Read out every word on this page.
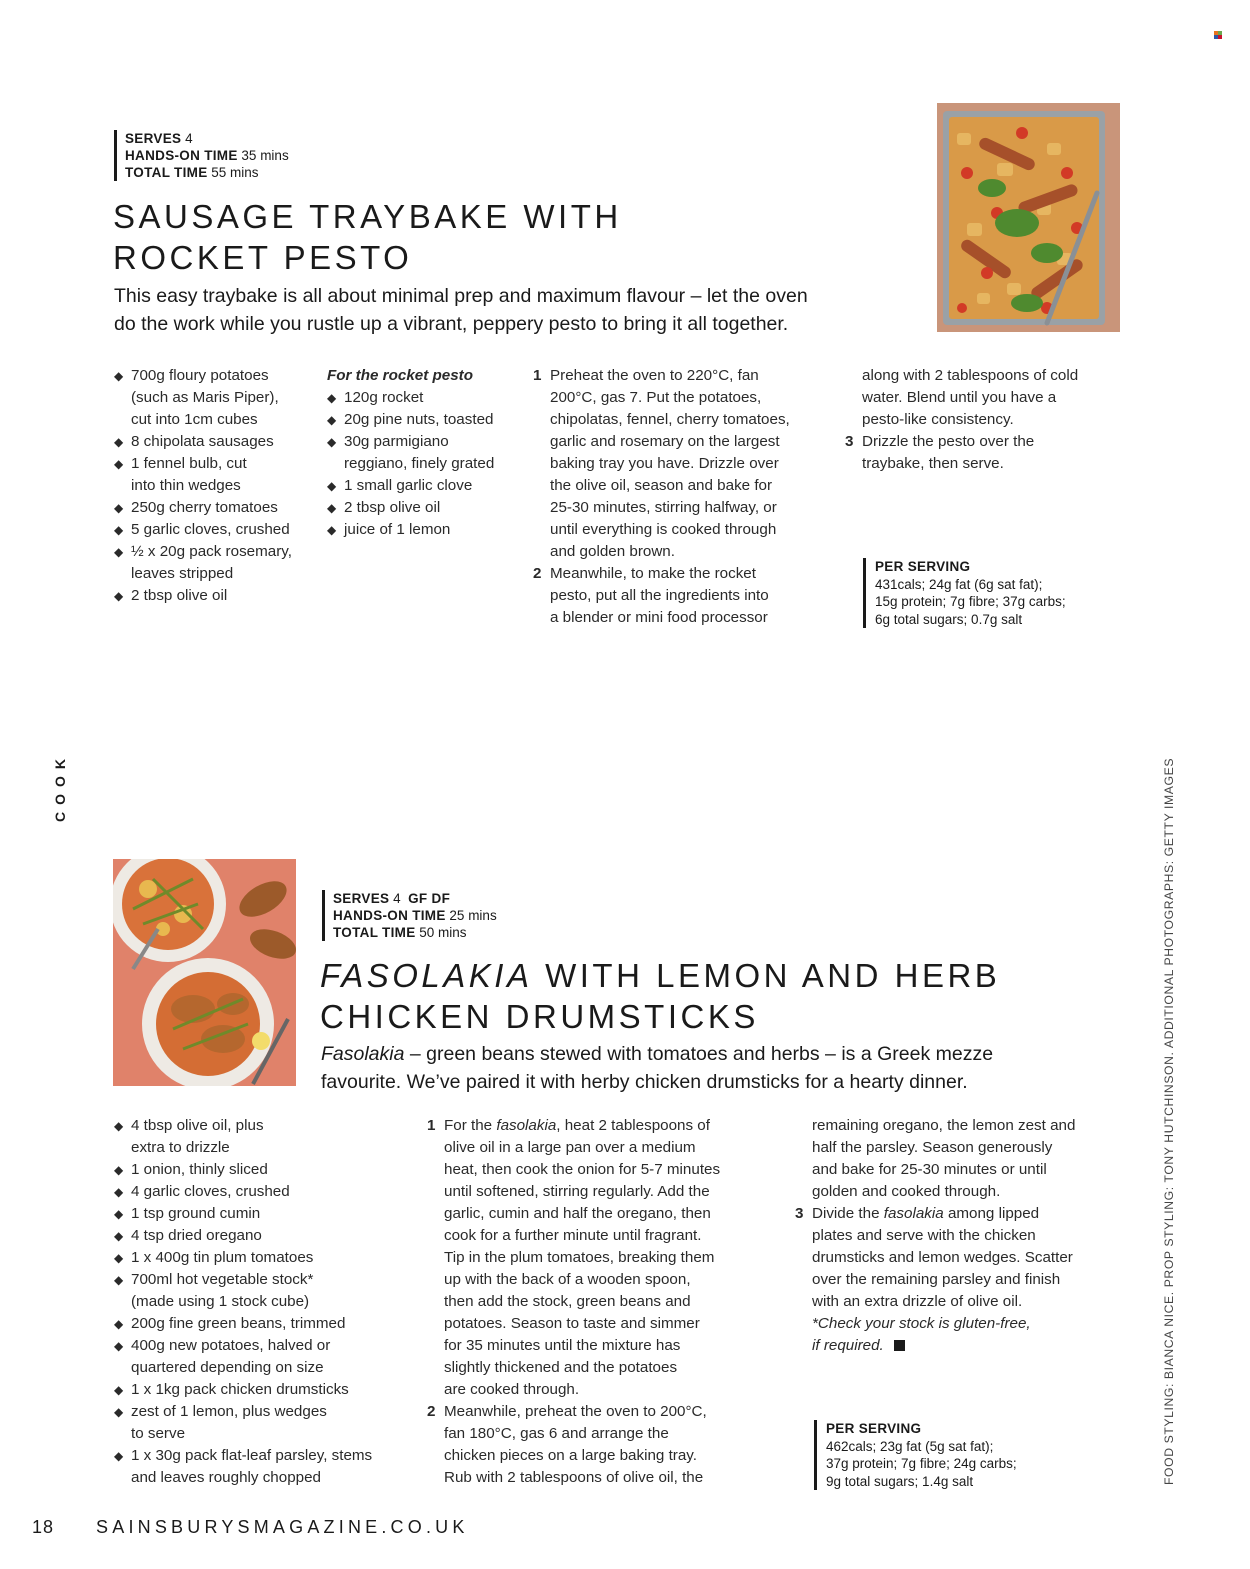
SERVES 4
HANDS-ON TIME 35 mins
TOTAL TIME 55 mins
SAUSAGE TRAYBAKE WITH
ROCKET PESTO
This easy traybake is all about minimal prep and maximum flavour – let the oven
do the work while you rustle up a vibrant, peppery pesto to bring it all together.
◆ 700g floury potatoes
(such as Maris Piper),
cut into 1cm cubes
◆ 8 chipolata sausages
◆ 1 fennel bulb, cut
into thin wedges
◆ 250g cherry tomatoes
◆ 5 garlic cloves, crushed
◆ ½ x 20g pack rosemary,
leaves stripped
◆ 2 tbsp olive oil
For the rocket pesto
◆ 120g rocket
◆ 20g pine nuts, toasted
◆ 30g parmigiano
reggiano, finely grated
◆ 1 small garlic clove
◆ 2 tbsp olive oil
◆ juice of 1 lemon
1 Preheat the oven to 220°C, fan
200°C, gas 7. Put the potatoes,
chipolatas, fennel, cherry tomatoes,
garlic and rosemary on the largest
baking tray you have. Drizzle over
the olive oil, season and bake for
25-30 minutes, stirring halfway, or
until everything is cooked through
and golden brown.
2 Meanwhile, to make the rocket
pesto, put all the ingredients into
a blender or mini food processor
along with 2 tablespoons of cold
water. Blend until you have a
pesto-like consistency.
3 Drizzle the pesto over the
traybake, then serve.
PER SERVING
431cals; 24g fat (6g sat fat);
15g protein; 7g fibre; 37g carbs;
6g total sugars; 0.7g salt
COOK
SERVES 4 GF DF
HANDS-ON TIME 25 mins
TOTAL TIME 50 mins
FASOLAKIA WITH LEMON AND HERB
CHICKEN DRUMSTICKS
Fasolakia – green beans stewed with tomatoes and herbs – is a Greek mezze
favourite. We’ve paired it with herby chicken drumsticks for a hearty dinner.
◆ 4 tbsp olive oil, plus
extra to drizzle
◆ 1 onion, thinly sliced
◆ 4 garlic cloves, crushed
◆ 1 tsp ground cumin
◆ 4 tsp dried oregano
◆ 1 x 400g tin plum tomatoes
◆ 700ml hot vegetable stock*
(made using 1 stock cube)
◆ 200g fine green beans, trimmed
◆ 400g new potatoes, halved or
quartered depending on size
◆ 1 x 1kg pack chicken drumsticks
◆ zest of 1 lemon, plus wedges
to serve
◆ 1 x 30g pack flat-leaf parsley, stems
and leaves roughly chopped
1 For the fasolakia, heat 2 tablespoons of
olive oil in a large pan over a medium
heat, then cook the onion for 5-7 minutes
until softened, stirring regularly. Add the
garlic, cumin and half the oregano, then
cook for a further minute until fragrant.
Tip in the plum tomatoes, breaking them
up with the back of a wooden spoon,
then add the stock, green beans and
potatoes. Season to taste and simmer
for 35 minutes until the mixture has
slightly thickened and the potatoes
are cooked through.
2 Meanwhile, preheat the oven to 200°C,
fan 180°C, gas 6 and arrange the
chicken pieces on a large baking tray.
Rub with 2 tablespoons of olive oil, the
remaining oregano, the lemon zest and
half the parsley. Season generously
and bake for 25-30 minutes or until
golden and cooked through.
3 Divide the fasolakia among lipped
plates and serve with the chicken
drumsticks and lemon wedges. Scatter
over the remaining parsley and finish
with an extra drizzle of olive oil.
*Check your stock is gluten-free,
if required.
PER SERVING
462cals; 23g fat (5g sat fat);
37g protein; 7g fibre; 24g carbs;
9g total sugars; 1.4g salt	FOOD STYLING: BIANCA NICE. PROP STYLING: TONY HUTCHINSON. ADDITIONAL PHOTOGRAPHS: GETTY IMAGES
18 SAINSBURYSMAGAZINE.CO.UK
